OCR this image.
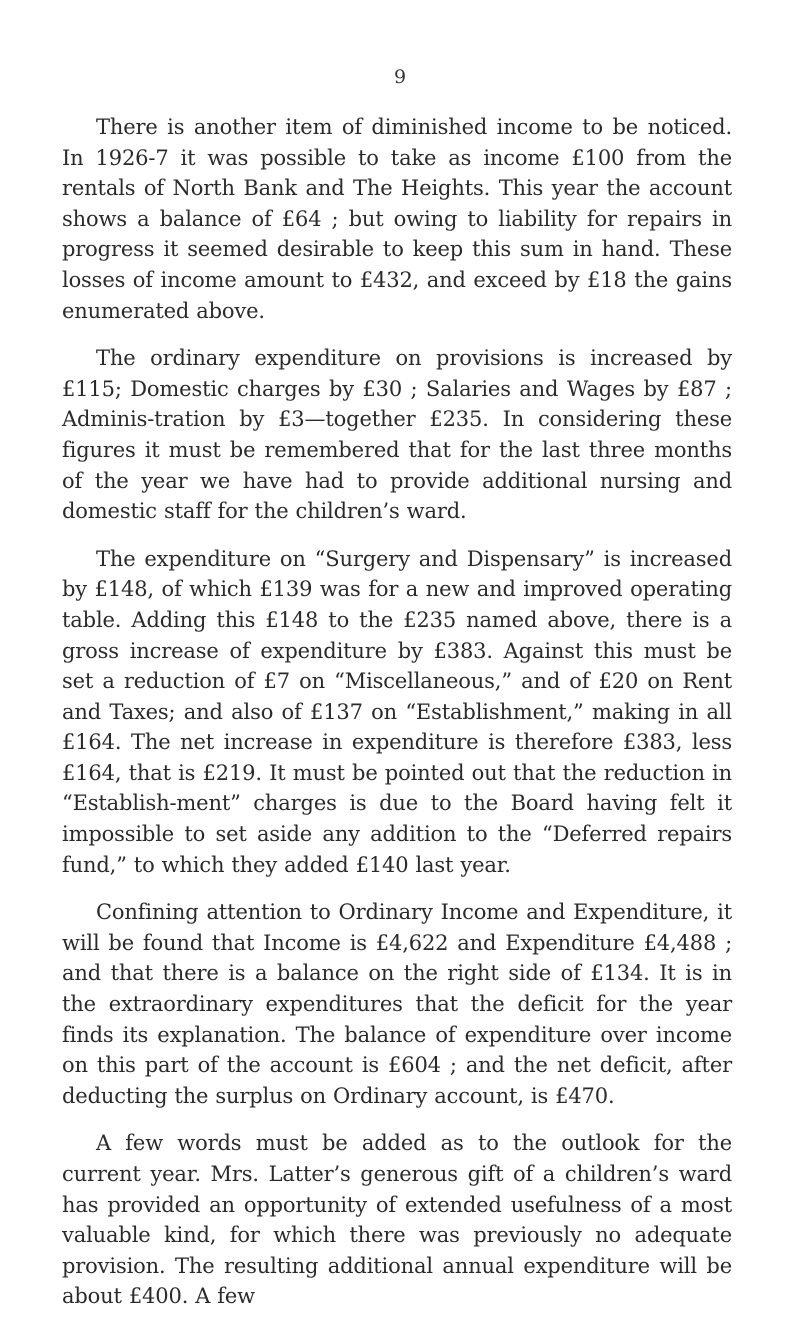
9

There is another item of diminished income to be noticed. In 1926-7 it was possible to take as income £100 from the rentals of North Bank and The Heights. This year the account shows a balance of £64 ; but owing to liability for repairs in progress it seemed desirable to keep this sum in hand. These losses of income amount to £432, and exceed by £18 the gains enumerated above.

The ordinary expenditure on provisions is increased by £115; Domestic charges by £30 ; Salaries and Wages by £87 ; Adminis-tration by £3—together £235. In considering these figures it must be remembered that for the last three months of the year we have had to provide additional nursing and domestic staff for the children’s ward.

The expenditure on “Surgery and Dispensary” is increased by £148, of which £139 was for a new and improved operating table. Adding this £148 to the £235 named above, there is a gross increase of expenditure by £383. Against this must be set a reduction of £7 on “Miscellaneous,” and of £20 on Rent and Taxes; and also of £137 on “Establishment,” making in all £164. The net increase in expenditure is therefore £383, less £164, that is £219. It must be pointed out that the reduction in “Establish-ment” charges is due to the Board having felt it impossible to set aside any addition to the “Deferred repairs fund,” to which they added £140 last year.

Confining attention to Ordinary Income and Expenditure, it will be found that Income is £4,622 and Expenditure £4,488 ; and that there is a balance on the right side of £134. It is in the extraordinary expenditures that the deficit for the year finds its explanation. The balance of expenditure over income on this part of the account is £604 ; and the net deficit, after deducting the surplus on Ordinary account, is £470.

A few words must be added as to the outlook for the current year. Mrs. Latter’s generous gift of a children’s ward has provided an opportunity of extended usefulness of a most valuable kind, for which there was previously no adequate provision. The resulting additional annual expenditure will be about £400. A few
